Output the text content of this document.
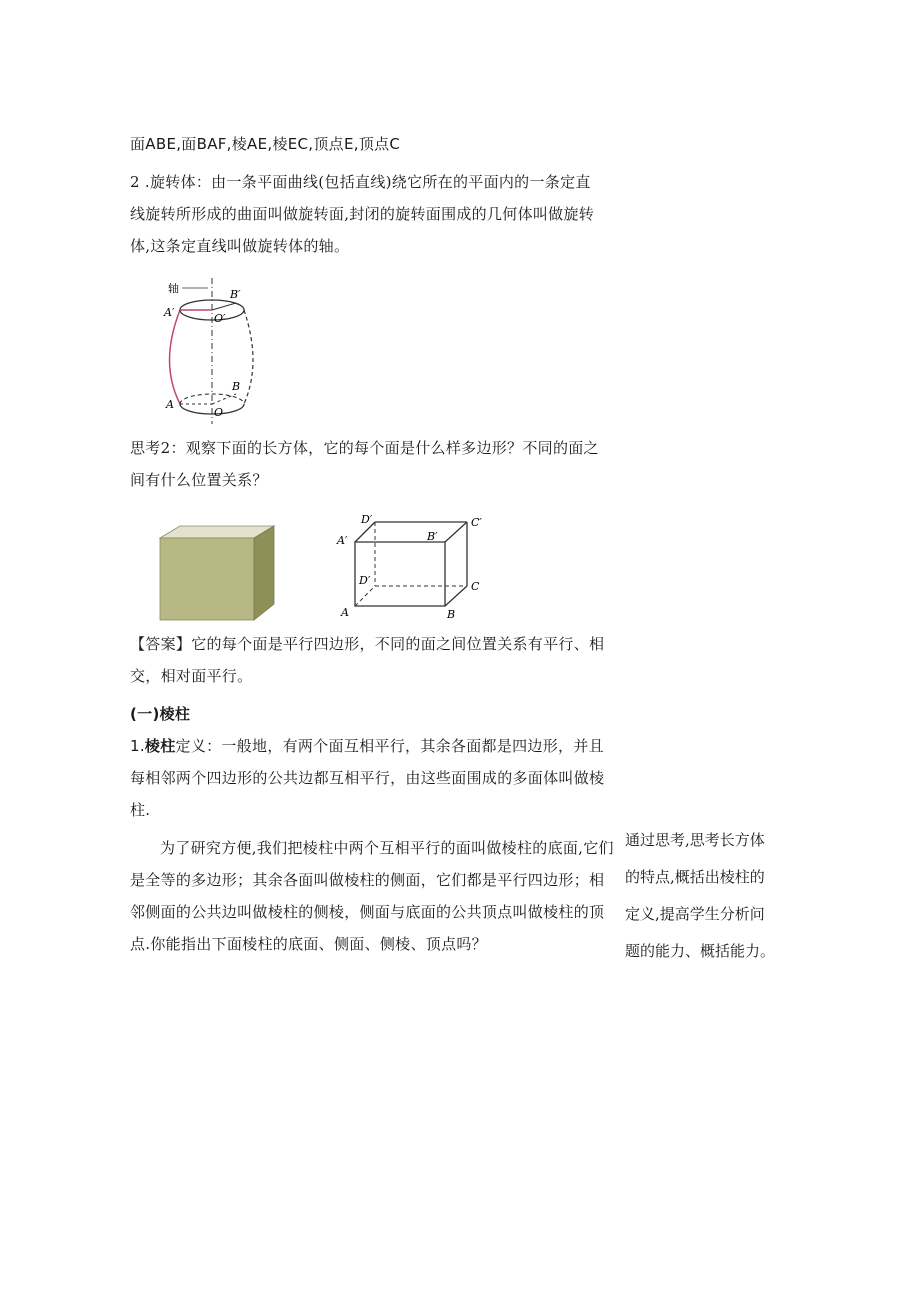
面ABE,面BAF,棱AE,棱EC,顶点E,顶点C

2 .旋转体：由一条平面曲线(包括直线)绕它所在的平面内的一条定直

线旋转所形成的曲面叫做旋转面,封闭的旋转面围成的几何体叫做旋转

体,这条定直线叫做旋转体的轴。

轴	B′
A′	O′
B
A
O

思考2：观察下面的长方体，它的每个面是什么样多边形？不同的面之

间有什么位置关系？

D′	C′
A′	B′
D′	C
A	B

【答案】它的每个面是平行四边形，不同的面之间位置关系有平行、相

交，相对面平行。

(一)棱柱

1.棱柱定义：一般地，有两个面互相平行，其余各面都是四边形，并且

每相邻两个四边形的公共边都互相平行，由这些面围成的多面体叫做棱

柱.

为了研究方便,我们把棱柱中两个互相平行的面叫做棱柱的底面,它们

是全等的多边形；其余各面叫做棱柱的侧面，它们都是平行四边形；相

邻侧面的公共边叫做棱柱的侧棱，侧面与底面的公共顶点叫做棱柱的顶

点.你能指出下面棱柱的底面、侧面、侧棱、顶点吗？

通过思考,思考长方体
的特点,概括出棱柱的
定义,提高学生分析问
题的能力、概括能力。
